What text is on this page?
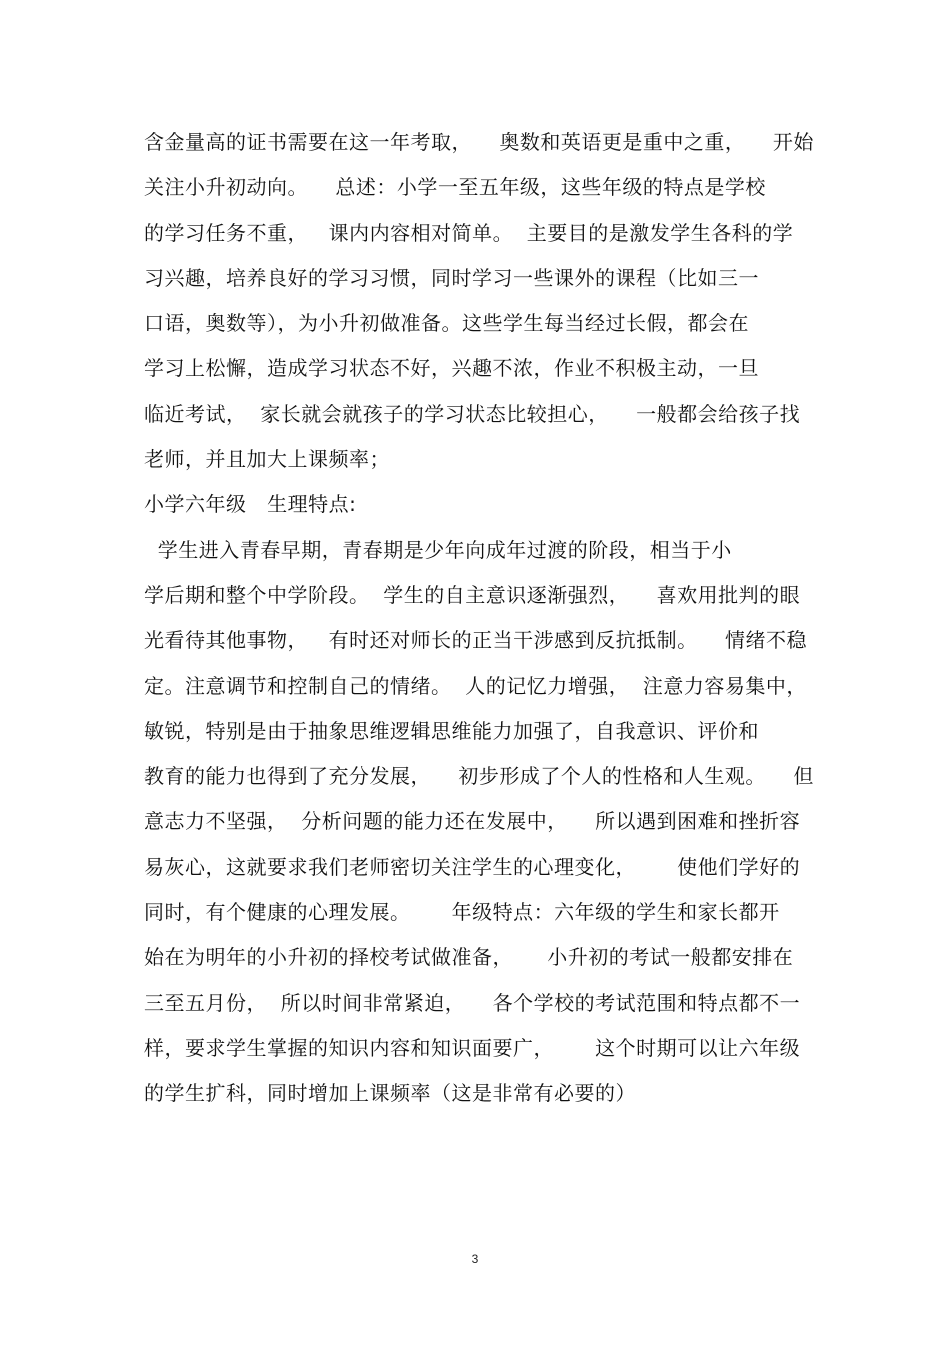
含金量高的证书需要在这一年考取，    奥数和英语更是重中之重，    开始
关注小升初动向。    总述：小学一至五年级，这些年级的特点是学校
的学习任务不重，   课内内容相对简单。  主要目的是激发学生各科的学
习兴趣，培养良好的学习习惯，同时学习一些课外的课程（比如三一
口语，奥数等），为小升初做准备。这些学生每当经过长假，都会在
学习上松懈，造成学习状态不好，兴趣不浓，作业不积极主动，一旦
临近考试，  家长就会就孩子的学习状态比较担心，    一般都会给孩子找
老师，并且加大上课频率；
小学六年级   生理特点:
学生进入青春早期，青春期是少年向成年过渡的阶段，相当于小
学后期和整个中学阶段。  学生的自主意识逐渐强烈，    喜欢用批判的眼
光看待其他事物，   有时还对师长的正当干涉感到反抗抵制。    情绪不稳
定。注意调节和控制自己的情绪。  人的记忆力增强，  注意力容易集中，
敏锐，特别是由于抽象思维逻辑思维能力加强了，自我意识、评价和
教育的能力也得到了充分发展，    初步形成了个人的性格和人生观。    但
意志力不坚强，  分析问题的能力还在发展中，    所以遇到困难和挫折容
易灰心，这就要求我们老师密切关注学生的心理变化，      使他们学好的
同时，有个健康的心理发展。      年级特点：六年级的学生和家长都开
始在为明年的小升初的择校考试做准备，     小升初的考试一般都安排在
三至五月份，  所以时间非常紧迫，    各个学校的考试范围和特点都不一
样，要求学生掌握的知识内容和知识面要广，      这个时期可以让六年级
的学生扩科，同时增加上课频率（这是非常有必要的）
3
